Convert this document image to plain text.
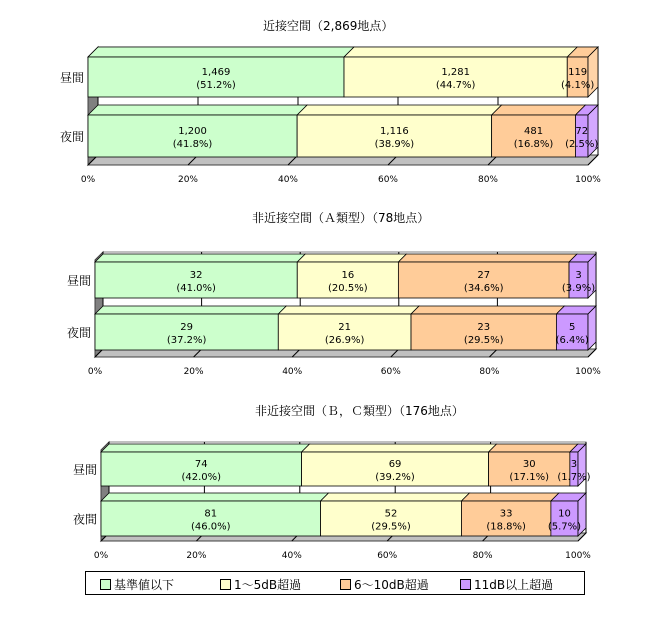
近接空間（2,869地点）
非近接空間（Ａ類型）（78地点）
非近接空間（Ｂ，Ｃ類型）（176地点）
0%	20%	40%	60%	80%	100%
昼間	1,469
(51.2%)
1,281
(44.7%)
119
(4.1%)
夜間	1,200
(41.8%)
1,116
(38.9%)
481
(16.8%)
72
(2.5%)
0%	20%	40%	60%	80%	100%
昼間	32
(41.0%)
16
(20.5%)
27
(34.6%)
3
(3.9%)
夜間	29
(37.2%)
21
(26.9%)
23
(29.5%)
5
(6.4%)
0%	20%	40%	60%	80%	100%
昼間	74
(42.0%)
69
(39.2%)
30
(17.1%)
3
(1.7%)
夜間	81
(46.0%)
52
(29.5%)
33
(18.8%)
10
(5.7%)
基準値以下	1～5dB超過	6～10dB超過	11dB以上超過
